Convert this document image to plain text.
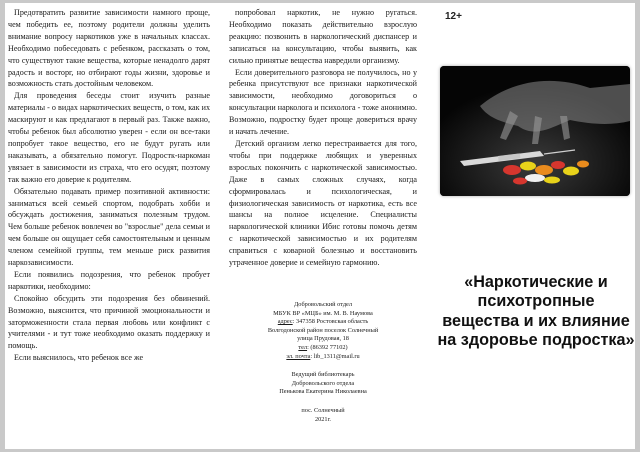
Предотвратить развитие зависимости намного проще, чем победить ее, поэтому родители должны уделить внимание вопросу наркотиков уже в начальных классах. Необходимо побеседовать с ребенком, рассказать о том, что существуют такие вещества, которые ненадолго дарят радость и восторг, но отбирают годы жизни, здоровье и возможность стать достойным человеком.

Для проведения беседы стоит изучить разные материалы - о видах наркотических веществ, о том, как их маскируют и как предлагают в первый раз. Также важно, чтобы ребенок был абсолютно уверен - если он все-таки попробует такое вещество, его не будут ругать или наказывать, а обязательно помогут. Подростк-наркоман увязает в зависимости из страха, что его осудят, поэтому так важно его доверие к родителям.

Обязательно подавать пример позитивной активности: заниматься всей семьей спортом, подобрать хобби и обсуждать достижения, заниматься полезным трудом. Чем больше ребенок вовлечен во "взрослые" дела семьи и чем больше он ощущает себя самостоятельным и ценным членом семейной группы, тем меньше риск развития наркозависимости.

Если появились подозрения, что ребенок пробует наркотики, необходимо:

Спокойно обсудить эти подозрения без обвинений. Возможно, выяснится, что причиной эмоциональности и заторможенности стала первая любовь или конфликт с учителями - и тут тоже необходимо оказать поддержку и помощь.

Если выяснилось, что ребенок все же

попробовал наркотик, не нужно ругаться. Необходимо показать действительно взрослую реакцию: позвонить в наркологический диспансер и записаться на консультацию, чтобы выявить, как сильно принятые вещества навредили организму.

Если доверительного разговора не получилось, но у ребенка присутствуют все признаки наркотической зависимости, необходимо договориться о консультации нарколога и психолога - тоже анонимно. Возможно, подростку будет проще довериться врачу и начать лечение.

Детский организм легко перестраивается для того, чтобы при поддержке любящих и уверенных взрослых покончить с наркотической зависимостью. Даже в самых сложных случаях, когда сформировалась и психологическая, и физиологическая зависимость от наркотика, есть все шансы на полное исцеление. Специалисты наркологической клиники Ибис готовы помочь детям с наркотической зависимостью и их родителям справиться с коварной болезнью и восстановить утраченное доверие и семейную гармонию.

Добровольский отдел
МБУК ВР «МЦБ» им. М. В. Наумова
адрес: 347358 Ростовская область
Волгодонской район поселок Солнечный
улица Прудовая, 18
тел: (86392 77102)
эл. почта: lib_1311@mail.ru
Ведущий библиотекарь
Добровольского отдела
Пенькова Екатерина Николаевна
пос. Солнечный
2021г.
12+
«Наркотические и психотропные вещества и их влияние на здоровье подростка»
